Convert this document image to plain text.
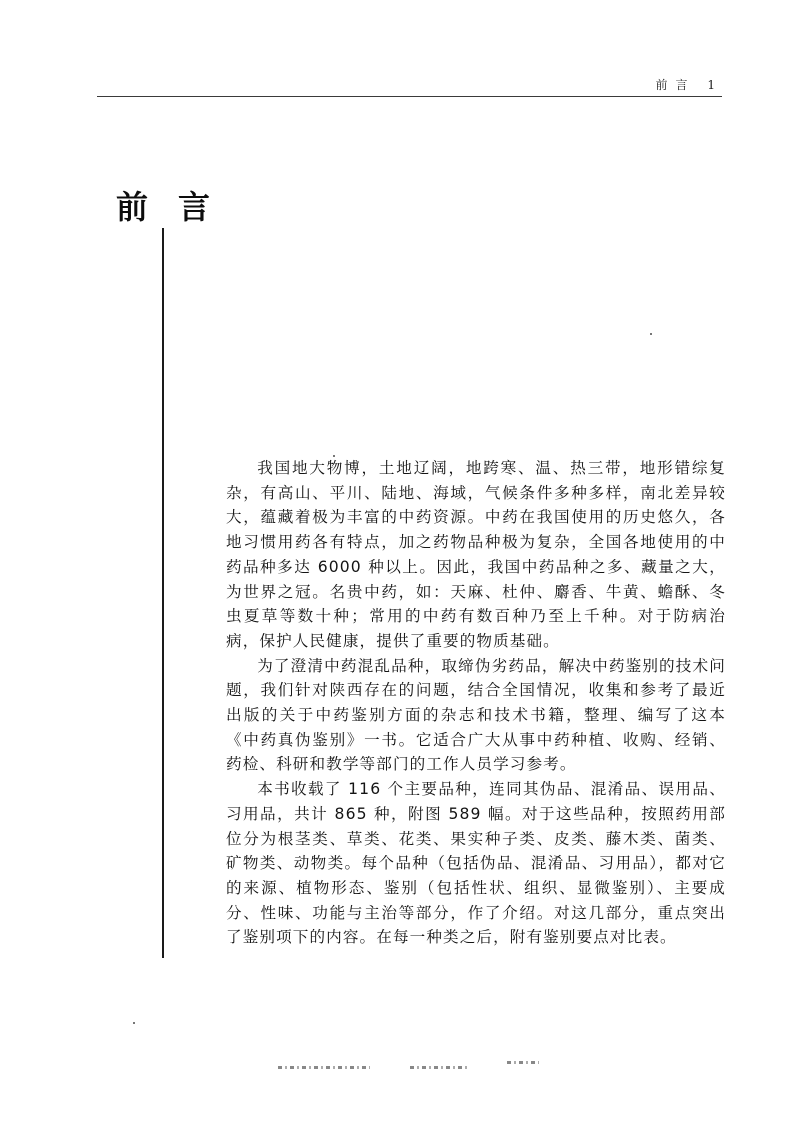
前言 1
前言

我国地大物博，土地辽阔，地跨寒、温、热三带，地形错综复杂，有高山、平川、陆地、海域，气候条件多种多样，南北差异较大，蕴藏着极为丰富的中药资源。中药在我国使用的历史悠久，各地习惯用药各有特点，加之药物品种极为复杂，全国各地使用的中药品种多达 6000 种以上。因此，我国中药品种之多、藏量之大，为世界之冠。名贵中药，如：天麻、杜仲、麝香、牛黄、蟾酥、冬虫夏草等数十种；常用的中药有数百种乃至上千种。对于防病治病，保护人民健康，提供了重要的物质基础。

为了澄清中药混乱品种，取缔伪劣药品，解决中药鉴别的技术问题，我们针对陕西存在的问题，结合全国情况，收集和参考了最近出版的关于中药鉴别方面的杂志和技术书籍，整理、编写了这本《中药真伪鉴别》一书。它适合广大从事中药种植、收购、经销、药检、科研和教学等部门的工作人员学习参考。

本书收载了 116 个主要品种，连同其伪品、混淆品、误用品、习用品，共计 865 种，附图 589 幅。对于这些品种，按照药用部位分为根茎类、草类、花类、果实种子类、皮类、藤木类、菌类、矿物类、动物类。每个品种（包括伪品、混淆品、习用品），都对它的来源、植物形态、鉴别（包括性状、组织、显微鉴别）、主要成分、性味、功能与主治等部分，作了介绍。对这几部分，重点突出了鉴别项下的内容。在每一种类之后，附有鉴别要点对比表。
